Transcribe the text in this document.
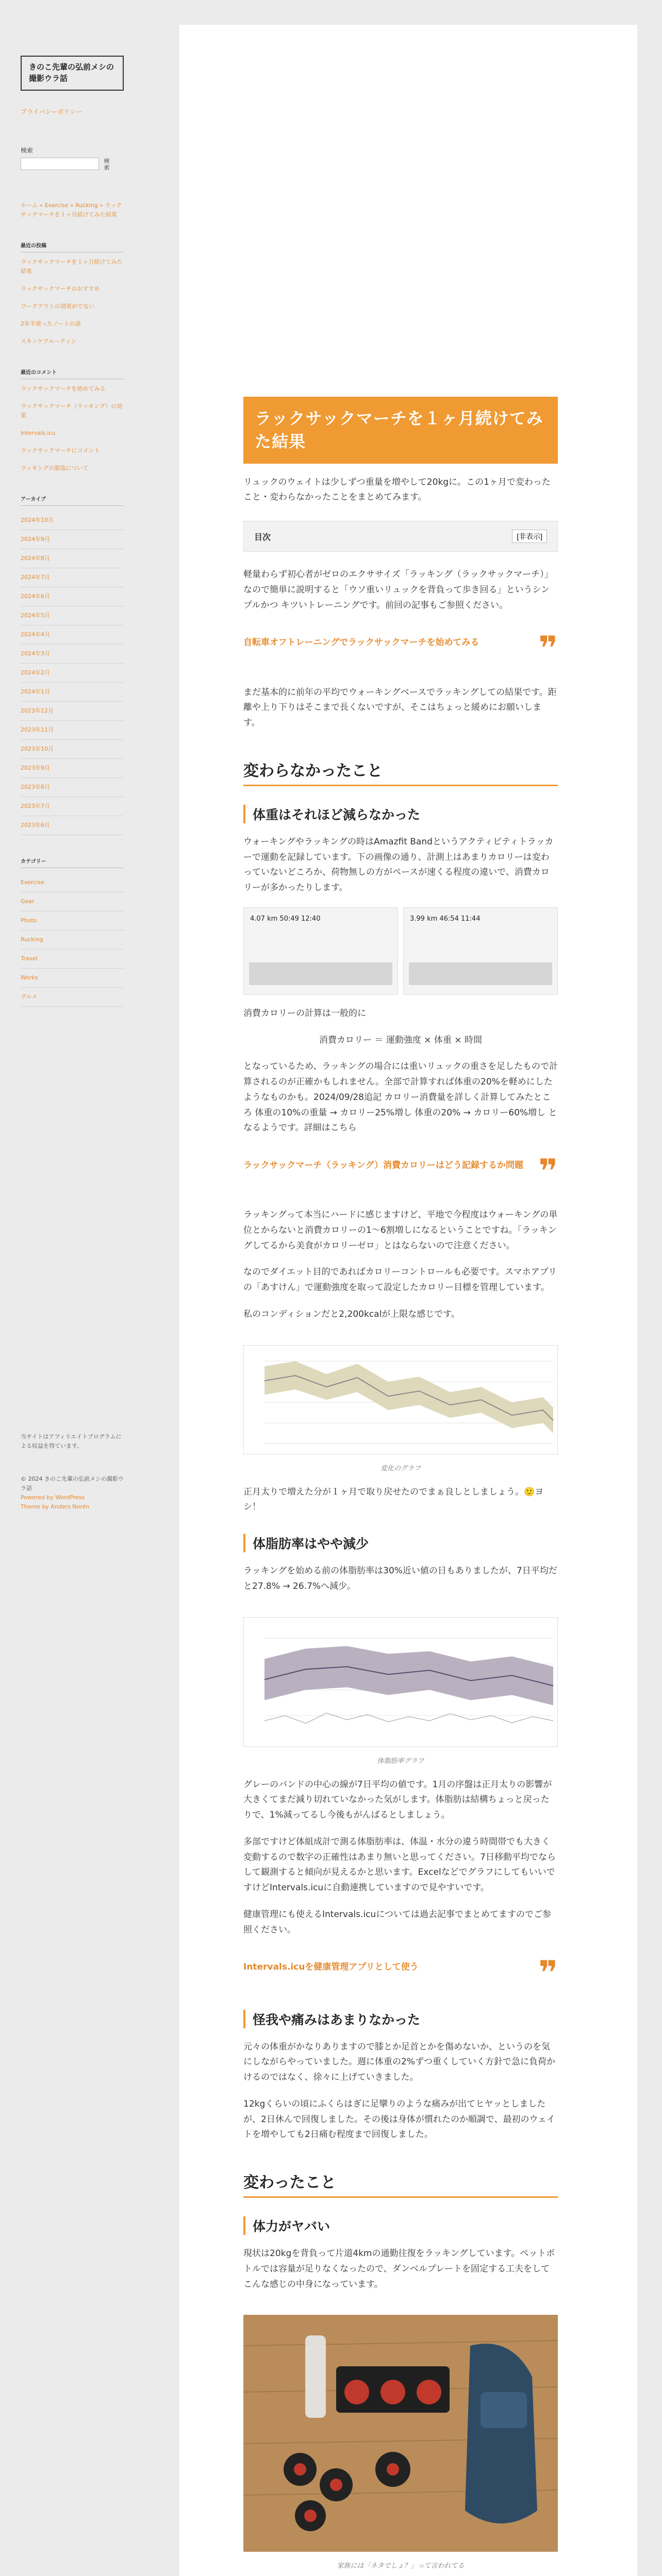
きのこ先輩の弘前メシの撮影ウラ話
プライバシーポリシー
検索
検索
ホーム » Exercise » Rucking » ラックサックマーチを１ヶ月続けてみた結果
最近の投稿
ラックサックマーチを１ヶ月続けてみた結果
ラックサックマーチのおすすめ
ワークアウトの効果がでない
2年半使ったノートの話
スキンケアルーティン
最近のコメント
ラックサックマーチを始めてみる
ラックサックマーチ（ラッキング）の効果
Intervals.icu
ラックサックマーチにコメント
ラッキングの服装について
アーカイブ
2024年10月
2024年9月
2024年8月
2024年7月
2024年6月
2024年5月
2024年4月
2024年3月
2024年2月
2024年1月
2023年12月
2023年11月
2023年10月
2023年9月
2023年8月
2023年7月
2023年6月
カテゴリー
Exercise
Gear
Photo
Rucking
Travel
Works
グルメ
当サイトはアフィリエイトプログラムによる収益を得ています。
© 2024 きのこ先輩の弘前メシの撮影ウラ話
Powered by WordPress
Theme by Anders Norén
ラックサックマーチを１ヶ月続けてみた結果

リュックのウェイトは少しずつ重量を増やして20kgに。この1ヶ月で変わったこと・変わらなかったことをまとめてみます。

目次	[非表示]

軽量わらず初心者がゼロのエクササイズ「ラッキング（ラックサックマーチ）」なので簡単に説明すると「ウソ重いリュックを背負って歩き回る」というシンプルかつ キツいトレーニングです。前回の記事もご参照ください。

自転車オフトレーニングでラックサックマーチを始めてみる ❞

まだ基本的に前年の平均でウォーキングベースでラッキングしての結果です。距離や上り下りはそこまで長くないですが、そこはちょっと緩めにお願いします。

変わらなかったこと
体重はそれほど減らなかった

ウォーキングやラッキングの時はAmazfit Bandというアクティビティトラッカーで運動を記録しています。下の画像の通り、計測上はあまりカロリーは変わっていないどころか、荷物無しの方がペースが速くる程度の違いで、消費カロリーが多かったりします。

4.07 km 50:49 12:40	3.99 km 46:54 11:44

消費カロリーの計算は一般的に

消費カロリー ＝ 運動強度 × 体重 × 時間

となっているため、ラッキングの場合には重いリュックの重さを足したもので計算されるのが正確かもしれません。全部で計算すれば体重の20%を軽めにしたようなものかも。2024/09/28追記 カロリー消費量を詳しく計算してみたところ 体重の10%の重量 → カロリー25%増し 体重の20% → カロリー60%増し となるようです。詳細はこちら

ラックサックマーチ（ラッキング）消費カロリーはどう記録するか問題 ❞

ラッキングって本当にハードに感じますけど、平地で今程度はウォーキングの単位とからないと消費カロリーの1〜6割増しになるということですね。「ラッキングしてるから美食がカロリーゼロ」とはならないので注意ください。

なのでダイエット目的であればカロリーコントロールも必要です。スマホアプリの「あすけん」で運動強度を取って設定したカロリー目標を管理しています。

私のコンディションだと2,200kcalが上限な感じです。

変化のグラフ

正月太りで増えた分が１ヶ月で取り戻せたのでまぁ良しとしましょう。🙂ヨシ！

体脂肪率はやや減少

ラッキングを始める前の体脂肪率は30%近い値の日もありましたが、7日平均だと27.8% → 26.7%へ減少。

体脂肪率グラフ

グレーのバンドの中心の線が7日平均の値です。1月の序盤は正月太りの影響が大きくてまだ減り切れていなかった気がします。体脂肪は結構ちょっと戻ったりで、1%減ってるし今後もがんばるとしましょう。

多部ですけど体組成計で測る体脂肪率は、体温・水分の違う時間帯でも大きく変動するので数字の正確性はあまり無いと思ってください。7日移動平均でならして観測すると傾向が見えるかと思います。ExcelなどでグラフにしてもいいですけどIntervals.icuに自動連携していますので見やすいです。

健康管理にも使えるIntervals.icuについては過去記事でまとめてますのでご参照ください。

Intervals.icuを健康管理アプリとして使う	❞
怪我や痛みはあまりなかった

元々の体重がかなりありますので膝とか足首とかを傷めないか、というのを気にしながらやっていました。週に体重の2%ずつ重くしていく方針で急に負荷かけるのではなく、徐々に上げていきました。

12kgくらいの頃にふくらはぎに足攣りのような痛みが出てヒヤッとしましたが、2日休んで回復しました。その後は身体が慣れたのか順調で、最初のウェイトを増やしても2日痛む程度まで回復しました。

変わったこと
体力がヤバい

現状は20kgを背負って片道4kmの通勤往復をラッキングしています。ペットボトルでは容量が足りなくなったので、ダンベルプレートを固定する工夫をしてこんな感じの中身になっています。

家族には「ネタでしょ？」って言われてる
